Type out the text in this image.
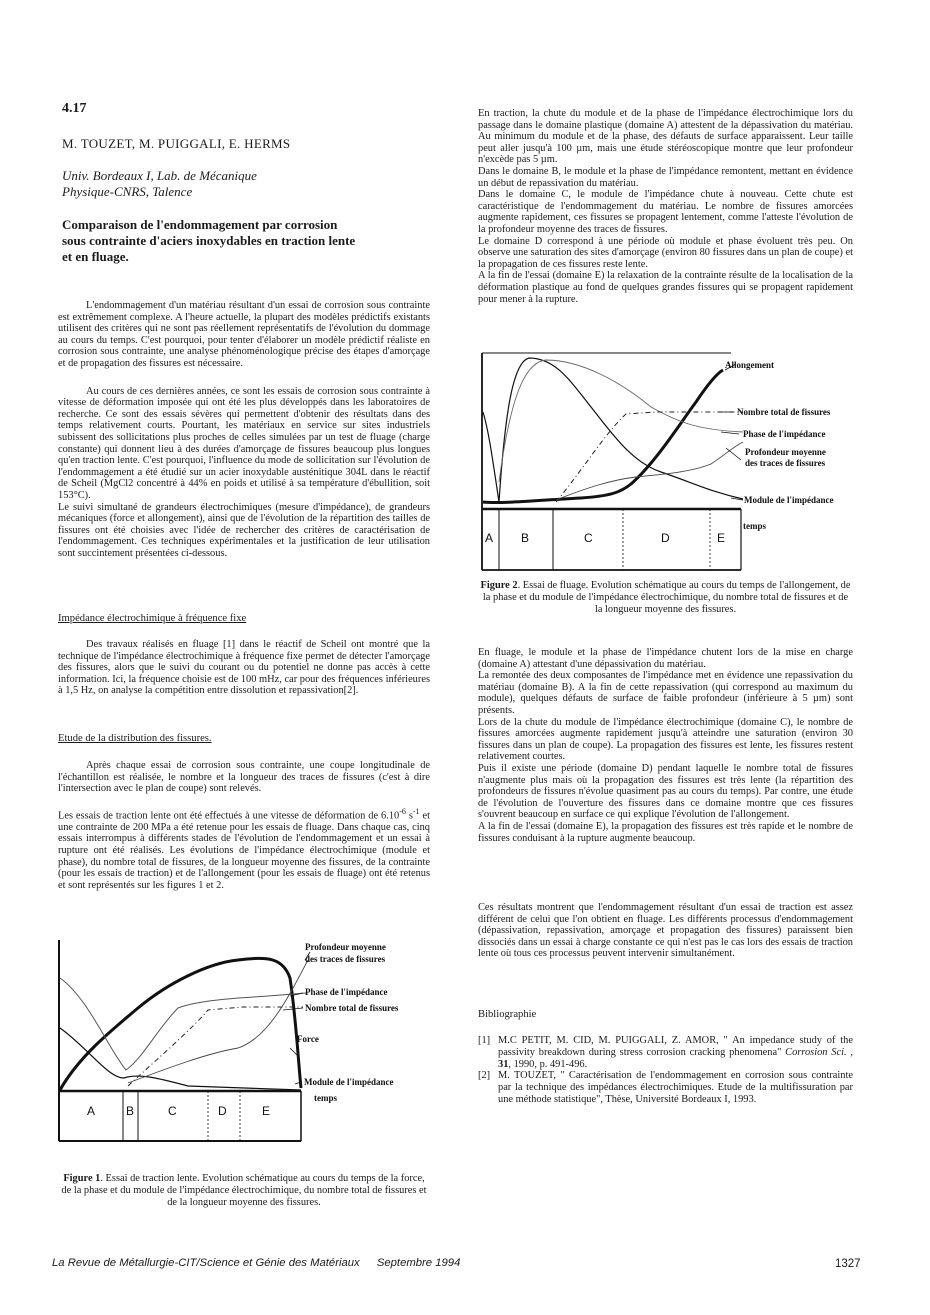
4.17
M. TOUZET, M. PUIGGALI, E. HERMS
Univ. Bordeaux I, Lab. de Mécanique
Physique-CNRS, Talence
Comparaison de l'endommagement par corrosion
sous contrainte d'aciers inoxydables en traction lente
et en fluage.

L'endommagement d'un matériau résultant d'un essai de corrosion sous contrainte est extrêmement complexe. A l'heure actuelle, la plupart des modèles prédictifs existants utilisent des critères qui ne sont pas réellement représentatifs de l'évolution du dommage au cours du temps. C'est pourquoi, pour tenter d'élaborer un modèle prédictif réaliste en corrosion sous contrainte, une analyse phénoménologique précise des étapes d'amorçage et de propagation des fissures est nécessaire.

Au cours de ces dernières années, ce sont les essais de corrosion sous contrainte à vitesse de déformation imposée qui ont été les plus développés dans les laboratoires de recherche. Ce sont des essais sévères qui permettent d'obtenir des résultats dans des temps relativement courts. Pourtant, les matériaux en service sur sites industriels subissent des sollicitations plus proches de celles simulées par un test de fluage (charge constante) qui donnent lieu à des durées d'amorçage de fissures beaucoup plus longues qu'en traction lente. C'est pourquoi, l'influence du mode de sollicitation sur l'évolution de l'endommagement a été étudié sur un acier inoxydable austénitique 304L dans le réactif de Scheil (MgCl2 concentré à 44% en poids et utilisé à sa température d'ébullition, soit 153°C).

Le suivi simultané de grandeurs électrochimiques (mesure d'impédance), de grandeurs mécaniques (force et allongement), ainsi que de l'évolution de la répartition des tailles de fissures ont été choisies avec l'idée de rechercher des critères de caractérisation de l'endommagement. Ces techniques expérimentales et la justification de leur utilisation sont succintement présentées ci-dessous.

Impédance électrochimique à fréquence fixe

Des travaux réalisés en fluage [1] dans le réactif de Scheil ont montré que la technique de l'impédance électrochimique à fréquence fixe permet de détecter l'amorçage des fissures, alors que le suivi du courant ou du potentiel ne donne pas accès à cette information. Ici, la fréquence choisie est de 100 mHz, car pour des fréquences inférieures à 1,5 Hz, on analyse la compétition entre dissolution et repassivation[2].

Etude de la distribution des fissures.

Après chaque essai de corrosion sous contrainte, une coupe longitudinale de l'échantillon est réalisée, le nombre et la longueur des traces de fissures (c'est à dire l'intersection avec le plan de coupe) sont relevés.

Les essais de traction lente ont été effectués à une vitesse de déformation de $6.10^{-6}$ $s^{-1}$ et une contrainte de 200 MPa a été retenue pour les essais de fluage. Dans chaque cas, cinq essais interrompus à différents stades de l'évolution de l'endommagement et un essai à rupture ont été réalisés. Les évolutions de l'impédance électrochimique (module et phase), du nombre total de fissures, de la longueur moyenne des fissures, de la contrainte (pour les essais de traction) et de l'allongement (pour les essais de fluage) ont été retenus et sont représentés sur les figures 1 et 2.

A	B	C	D	E
Profondeur moyenne
des traces de fissures
Phase de l'impédance
Nombre total de fissures
Force
Module de l'impédance
temps
Figure 1. Essai de traction lente. Evolution schématique au cours du temps de la force, de la phase et du module de l'impédance électrochimique, du nombre total de fissures et de la longueur moyenne des fissures.

En traction, la chute du module et de la phase de l'impédance électrochimique lors du passage dans le domaine plastique (domaine A) attestent de la dépassivation du matériau. Au minimum du module et de la phase, des défauts de surface apparaissent. Leur taille peut aller jusqu'à 100 µm, mais une étude stéréoscopique montre que leur profondeur n'excède pas 5 µm.

Dans le domaine B, le module et la phase de l'impédance remontent, mettant en évidence un début de repassivation du matériau.

Dans le domaine C, le module de l'impédance chute à nouveau. Cette chute est caractéristique de l'endommagement du matériau. Le nombre de fissures amorcées augmente rapidement, ces fissures se propagent lentement, comme l'atteste l'évolution de la profondeur moyenne des traces de fissures.

Le domaine D correspond à une période où module et phase évoluent très peu. On observe une saturation des sites d'amorçage (environ 80 fissures dans un plan de coupe) et la propagation de ces fissures reste lente.

A la fin de l'essai (domaine E) la relaxation de la contrainte résulte de la localisation de la déformation plastique au fond de quelques grandes fissures qui se propagent rapidement pour mener à la rupture.

A B	C	D	E
Allongement
Nombre total de fissures
Phase de l'impédance
Profondeur moyenne
des traces de fissures
Module de l'impédance
temps
Figure 2. Essai de fluage. Evolution schématique au cours du temps de l'allongement, de la phase et du module de l'impédance électrochimique, du nombre total de fissures et de la longueur moyenne des fissures.

En fluage, le module et la phase de l'impédance chutent lors de la mise en charge (domaine A) attestant d'une dépassivation du matériau.

La remontée des deux composantes de l'impédance met en évidence une repassivation du matériau (domaine B). A la fin de cette repassivation (qui correspond au maximum du module), quelques défauts de surface de faible profondeur (inférieure à 5 µm) sont présents.

Lors de la chute du module de l'impédance électrochimique (domaine C), le nombre de fissures amorcées augmente rapidement jusqu'à atteindre une saturation (environ 30 fissures dans un plan de coupe). La propagation des fissures est lente, les fissures restent relativement courtes.

Puis il existe une période (domaine D) pendant laquelle le nombre total de fissures n'augmente plus mais où la propagation des fissures est très lente (la répartition des profondeurs de fissures n'évolue quasiment pas au cours du temps). Par contre, une étude de l'évolution de l'ouverture des fissures dans ce domaine montre que ces fissures s'ouvrent beaucoup en surface ce qui explique l'évolution de l'allongement.

A la fin de l'essai (domaine E), la propagation des fissures est très rapide et le nombre de fissures conduisant à la rupture augmente beaucoup.

Ces résultats montrent que l'endommagement résultant d'un essai de traction est assez différent de celui que l'on obtient en fluage. Les différents processus d'endommagement (dépassivation, repassivation, amorçage et propagation des fissures) paraissent bien dissociés dans un essai à charge constante ce qui n'est pas le cas lors des essais de traction lente où tous ces processus peuvent intervenir simultanément.

Bibliographie
[1] M.C PETIT, M. CID, M. PUIGGALI, Z. AMOR, " An impedance study of the passivity breakdown during stress corrosion cracking phenomena" Corrosion Sci. , 31, 1990, p. 491-496.
[2] M. TOUZET, " Caractérisation de l'endommagement en corrosion sous contrainte par la technique des impédances électrochimiques. Etude de la multifissuration par une méthode statistique", Thèse, Université Bordeaux I, 1993.
La Revue de Métallurgie-CIT/Science et Génie des Matériaux Septembre 1994	1327
